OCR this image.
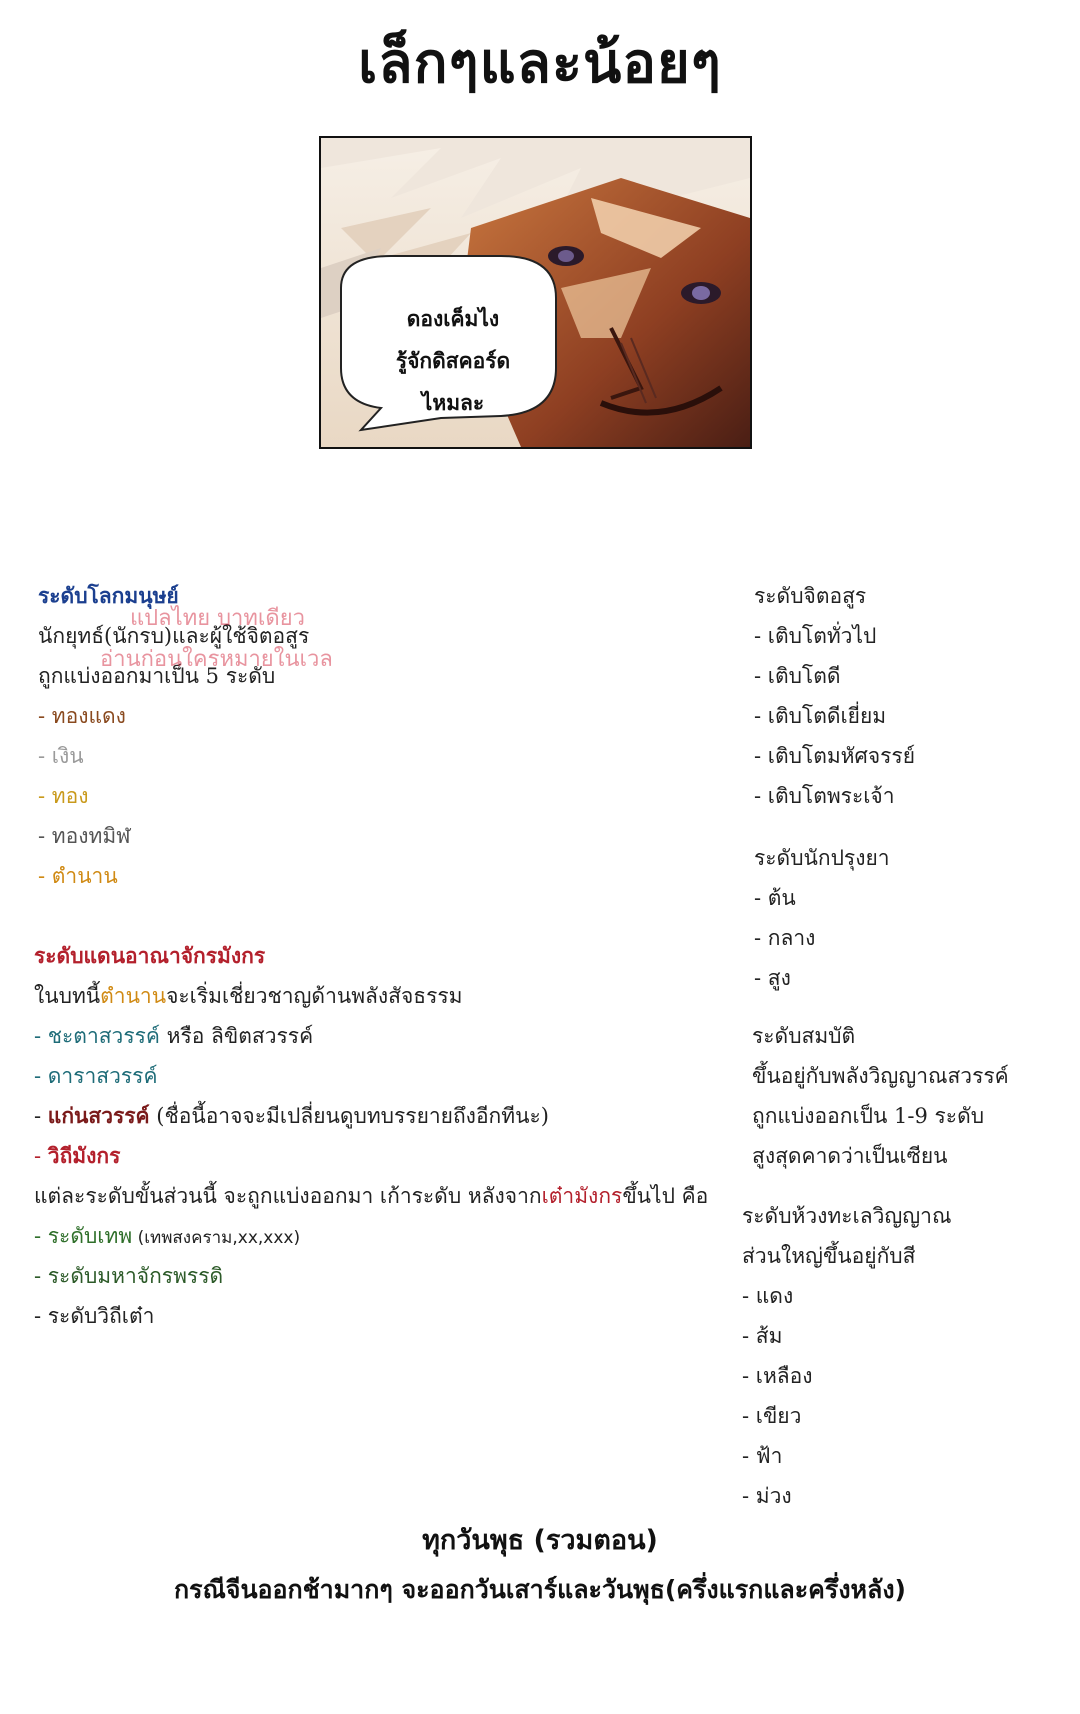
เล็กๆและน้อยๆ
ดองเค็มไง
รู้จักดิสคอร์ด
ไหมละ
ระดับโลกมนุษย์
นักยุทธ์(นักรบ)และผู้ใช้จิตอสูร
ถูกแบ่งออกมาเป็น 5 ระดับ
- ทองแดง
- เงิน
- ทอง
- ทองทมิฬ
- ตำนาน
ระดับแดนอาณาจักรมังกร
ในบทนี้ตำนานจะเริ่มเชี่ยวชาญด้านพลังสัจธรรม
- ชะตาสวรรค์ หรือ ลิขิตสวรรค์
- ดาราสวรรค์
- แก่นสวรรค์ (ชื่อนี้อาจจะมีเปลี่ยนดูบทบรรยายถึงอีกทีนะ)
- วิถีมังกร
แต่ละระดับขั้นส่วนนี้ จะถูกแบ่งออกมา เก้าระดับ หลังจากเต๋ามังกรขึ้นไป คือ
- ระดับเทพ (เทพสงคราม,xx,xxx)
- ระดับมหาจักรพรรดิ
- ระดับวิถีเต๋า
แปลไทย บาทเดียว
อ่านก่อนใครหมายในเวล
ระดับจิตอสูร
- เติบโตทั่วไป
- เติบโตดี
- เติบโตดีเยี่ยม
- เติบโตมหัศจรรย์
- เติบโตพระเจ้า
ระดับนักปรุงยา
- ต้น
- กลาง
- สูง
ระดับสมบัติ
ขึ้นอยู่กับพลังวิญญาณสวรรค์
ถูกแบ่งออกเป็น 1-9 ระดับ
สูงสุดคาดว่าเป็นเซียน
ระดับห้วงทะเลวิญญาณ
ส่วนใหญ่ขึ้นอยู่กับสี
- แดง
- ส้ม
- เหลือง
- เขียว
- ฟ้า
- ม่วง
ทุกวันพุธ (รวมตอน)
กรณีจีนออกช้ามากๆ จะออกวันเสาร์และวันพุธ(ครึ่งแรกและครึ่งหลัง)
